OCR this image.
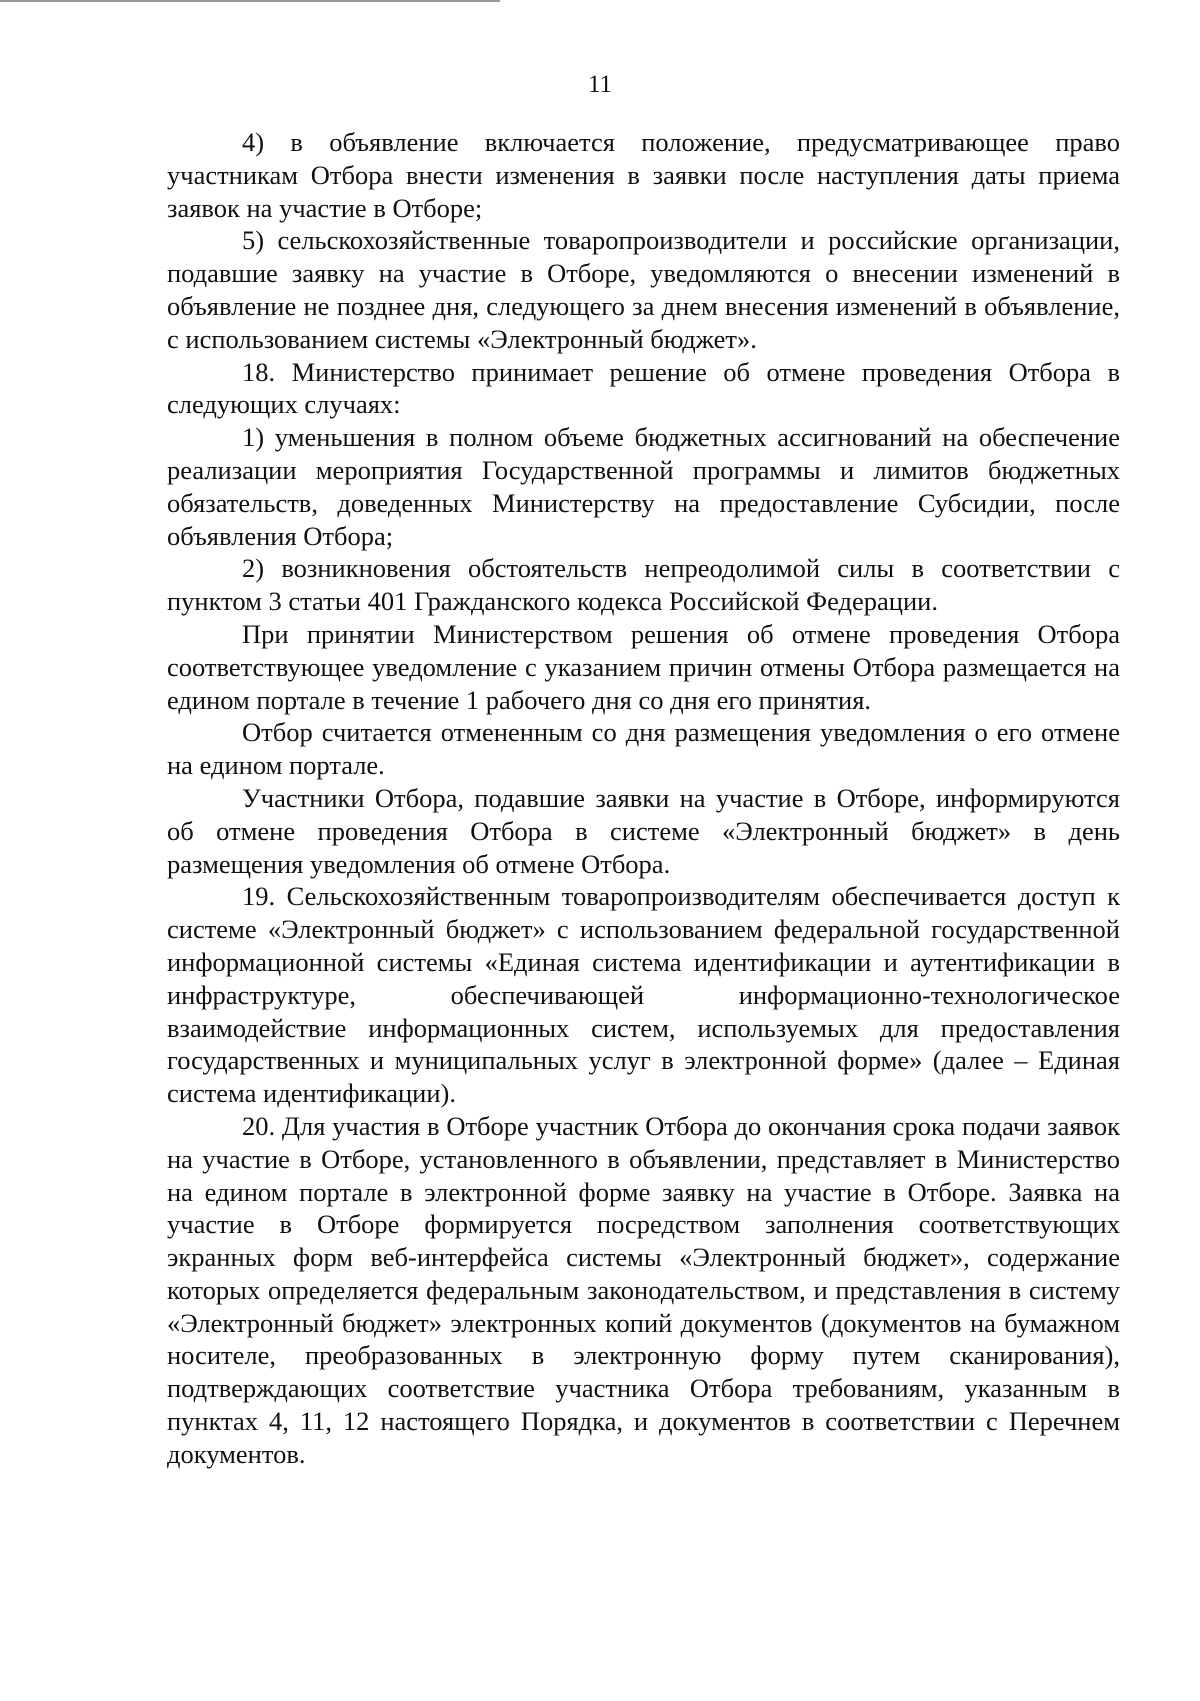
11

4) в объявление включается положение, предусматривающее право участникам Отбора внести изменения в заявки после наступления даты приема заявок на участие в Отборе;

5) сельскохозяйственные товаропроизводители и российские организации, подавшие заявку на участие в Отборе, уведомляются о внесении изменений в объявление не позднее дня, следующего за днем внесения изменений в объявление, с использованием системы «Электронный бюджет».

18. Министерство принимает решение об отмене проведения Отбора в следующих случаях:

1) уменьшения в полном объеме бюджетных ассигнований на обеспечение реализации мероприятия Государственной программы и лимитов бюджетных обязательств, доведенных Министерству на предоставление Субсидии, после объявления Отбора;

2) возникновения обстоятельств непреодолимой силы в соответствии с пунктом 3 статьи 401 Гражданского кодекса Российской Федерации.

При принятии Министерством решения об отмене проведения Отбора соответствующее уведомление с указанием причин отмены Отбора размещается на едином портале в течение 1 рабочего дня со дня его принятия.

Отбор считается отмененным со дня размещения уведомления о его отмене на едином портале.

Участники Отбора, подавшие заявки на участие в Отборе, информируются об отмене проведения Отбора в системе «Электронный бюджет» в день размещения уведомления об отмене Отбора.

19. Сельскохозяйственным товаропроизводителям обеспечивается доступ к системе «Электронный бюджет» с использованием федеральной государственной информационной системы «Единая система идентификации и аутентификации в инфраструктуре, обеспечивающей информационно-технологическое взаимодействие информационных систем, используемых для предоставления государственных и муниципальных услуг в электронной форме» (далее – Единая система идентификации).

20. Для участия в Отборе участник Отбора до окончания срока подачи заявок на участие в Отборе, установленного в объявлении, представляет в Министерство на едином портале в электронной форме заявку на участие в Отборе. Заявка на участие в Отборе формируется посредством заполнения соответствующих экранных форм веб-интерфейса системы «Электронный бюджет», содержание которых определяется федеральным законодательством, и представления в систему «Электронный бюджет» электронных копий документов (документов на бумажном носителе, преобразованных в электронную форму путем сканирования), подтверждающих соответствие участника Отбора требованиям, указанным в пунктах 4, 11, 12 настоящего Порядка, и документов в соответствии с Перечнем документов.
